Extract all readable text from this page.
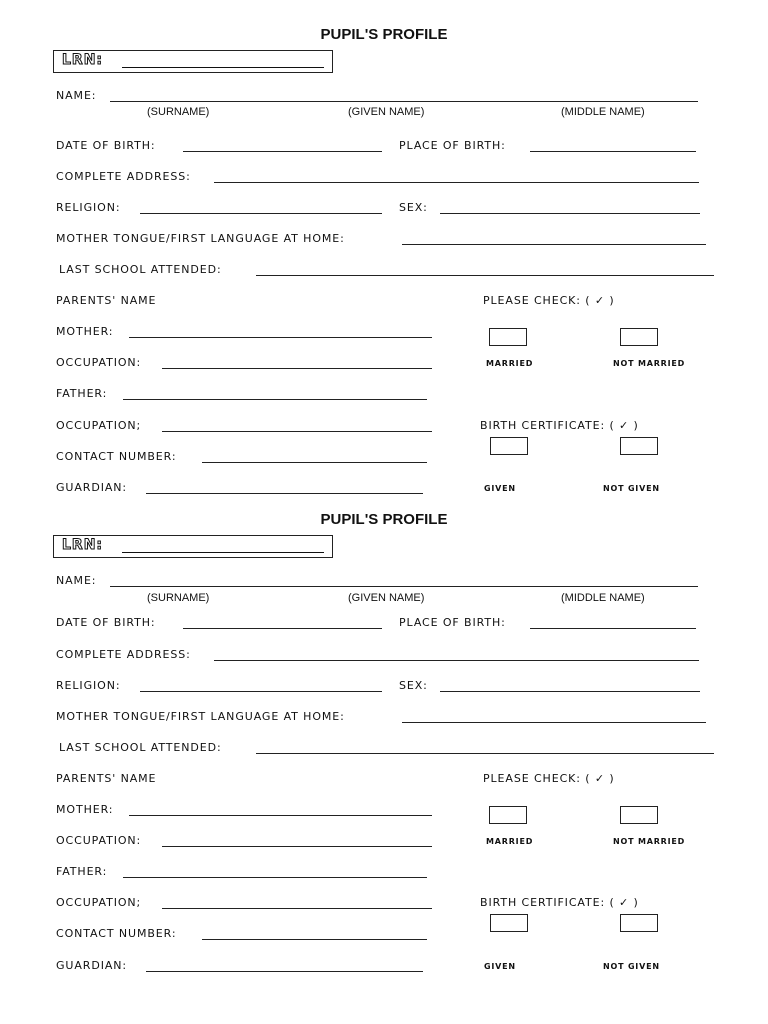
PUPIL'S PROFILE
LRN:
NAME:
(SURNAME)	(GIVEN NAME)	(MIDDLE NAME)
DATE OF BIRTH:	PLACE OF BIRTH:
COMPLETE ADDRESS:
RELIGION:	SEX:
MOTHER TONGUE/FIRST LANGUAGE AT HOME:
LAST SCHOOL ATTENDED:
PARENTS' NAME	PLEASE CHECK: ( ✓ )
MOTHER:
OCCUPATION:	MARRIED	NOT MARRIED
FATHER:
OCCUPATION;	BIRTH CERTIFICATE: ( ✓ )
CONTACT NUMBER:
GUARDIAN:	GIVEN	NOT GIVEN
PUPIL'S PROFILE
LRN:
NAME:
(SURNAME)	(GIVEN NAME)	(MIDDLE NAME)
DATE OF BIRTH:	PLACE OF BIRTH:
COMPLETE ADDRESS:
RELIGION:	SEX:
MOTHER TONGUE/FIRST LANGUAGE AT HOME:
LAST SCHOOL ATTENDED:
PARENTS' NAME	PLEASE CHECK: ( ✓ )
MOTHER:
OCCUPATION:	MARRIED	NOT MARRIED
FATHER:
OCCUPATION;	BIRTH CERTIFICATE: ( ✓ )
CONTACT NUMBER:
GUARDIAN:	GIVEN	NOT GIVEN
